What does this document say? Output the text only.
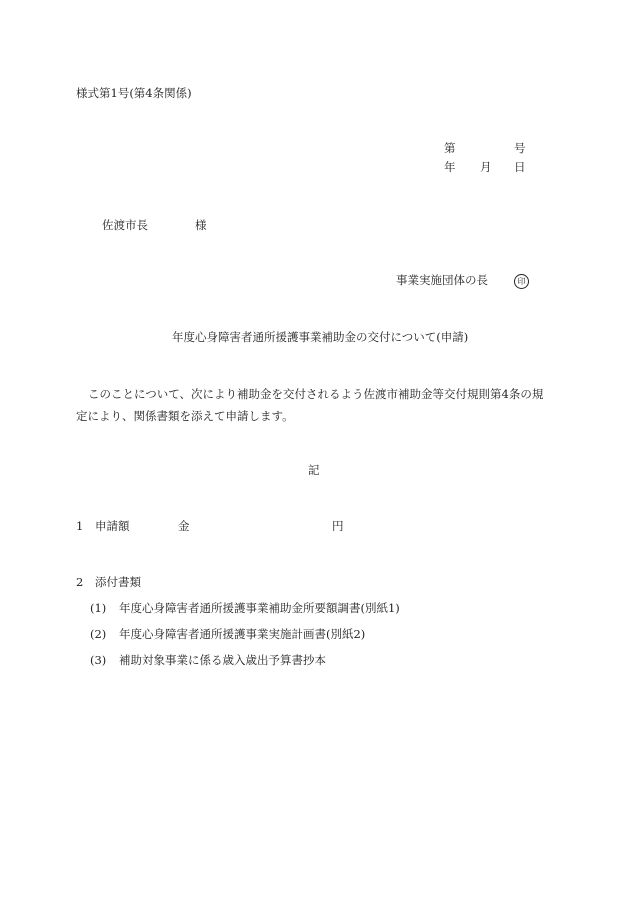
様式第1号(第4条関係)
第	号
年 月 日
佐渡市長	様
事業実施団体の長	印
年度心身障害者通所援護事業補助金の交付について(申請)
このことについて、次により補助金を交付されるよう佐渡市補助金等交付規則第4条の規定により、関係書類を添えて申請します。
記
1 申請額	金	円
2 添付書類
(1) 年度心身障害者通所援護事業補助金所要額調書(別紙1)
(2) 年度心身障害者通所援護事業実施計画書(別紙2)
(3) 補助対象事業に係る歳入歳出予算書抄本
